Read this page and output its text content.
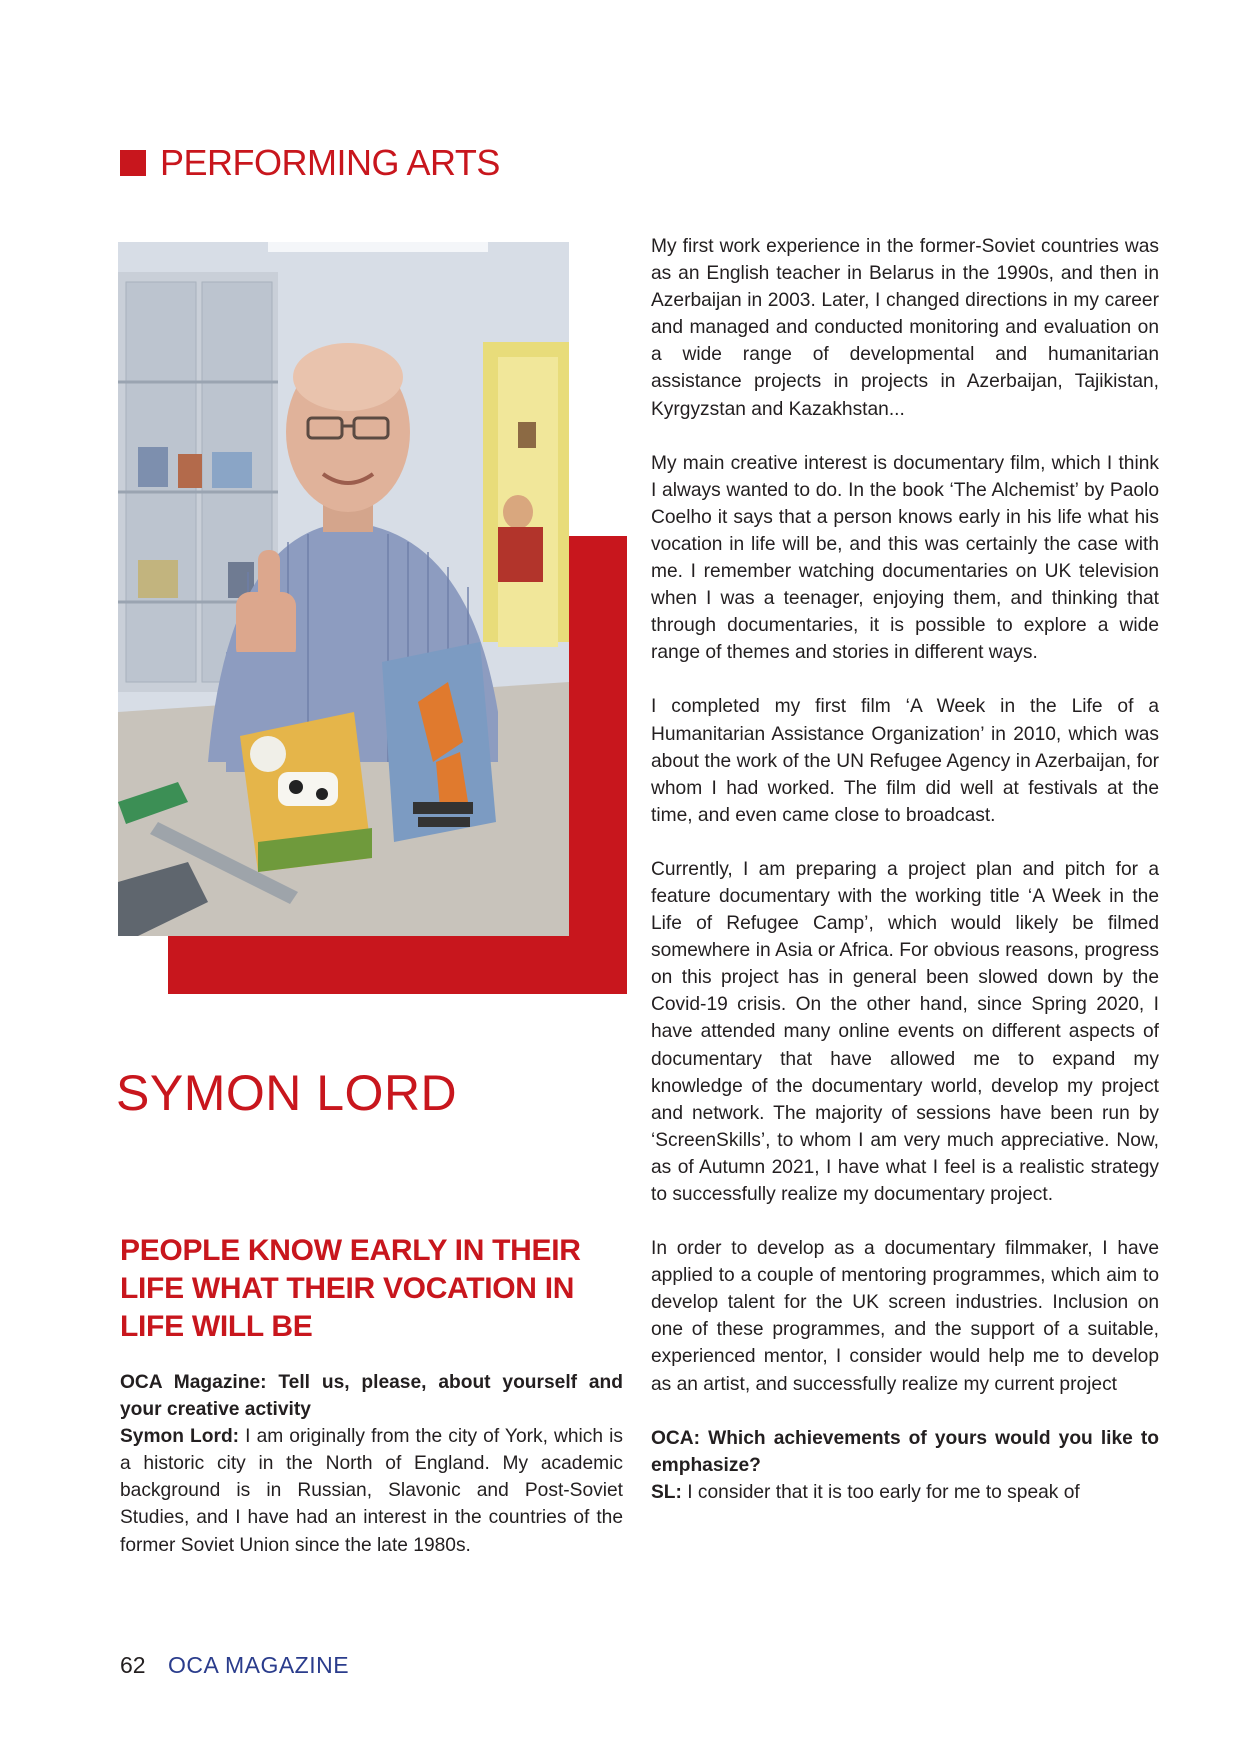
PERFORMING ARTS
SYMON LORD
PEOPLE KNOW EARLY IN THEIR LIFE WHAT THEIR VOCATION IN LIFE WILL BE

OCA Magazine: Tell us, please, about yourself and your creative activity
Symon Lord: I am originally from the city of York, which is a historic city in the North of England. My academic background is in Russian, Slavonic and Post-Soviet Studies, and I have had an interest in the countries of the former Soviet Union since the late 1980s.

My first work experience in the former-Soviet countries was as an English teacher in Belarus in the 1990s, and then in Azerbaijan in 2003. Later, I changed directions in my career and managed and conducted monitoring and evaluation on a wide range of developmental and humanitarian assistance projects in projects in Azerbaijan, Tajikistan, Kyrgyzstan and Kazakhstan...

My main creative interest is documentary film, which I think I always wanted to do. In the book ‘The Alchemist’ by Paolo Coelho it says that a person knows early in his life what his vocation in life will be, and this was certainly the case with me. I remember watching documentaries on UK television when I was a teenager, enjoying them, and thinking that through documentaries, it is possible to explore a wide range of themes and stories in different ways.

I completed my first film ‘A Week in the Life of a Humanitarian Assistance Organization’ in 2010, which was about the work of the UN Refugee Agency in Azerbaijan, for whom I had worked. The film did well at festivals at the time, and even came close to broadcast.

Currently, I am preparing a project plan and pitch for a feature documentary with the working title ‘A Week in the Life of Refugee Camp’, which would likely be filmed somewhere in Asia or Africa. For obvious reasons, progress on this project has in general been slowed down by the Covid-19 crisis. On the other hand, since Spring 2020, I have attended many online events on different aspects of documentary that have allowed me to expand my knowledge of the documentary world, develop my project and network. The majority of sessions have been run by ‘ScreenSkills’, to whom I am very much appreciative. Now, as of Autumn 2021, I have what I feel is a realistic strategy to successfully realize my documentary project.

In order to develop as a documentary filmmaker, I have applied to a couple of mentoring programmes, which aim to develop talent for the UK screen industries. Inclusion on one of these programmes, and the support of a suitable, experienced mentor, I consider would help me to develop as an artist, and successfully realize my current project

OCA: Which achievements of yours would you like to emphasize?
SL: I consider that it is too early for me to speak of

62 OCA MAGAZINE
